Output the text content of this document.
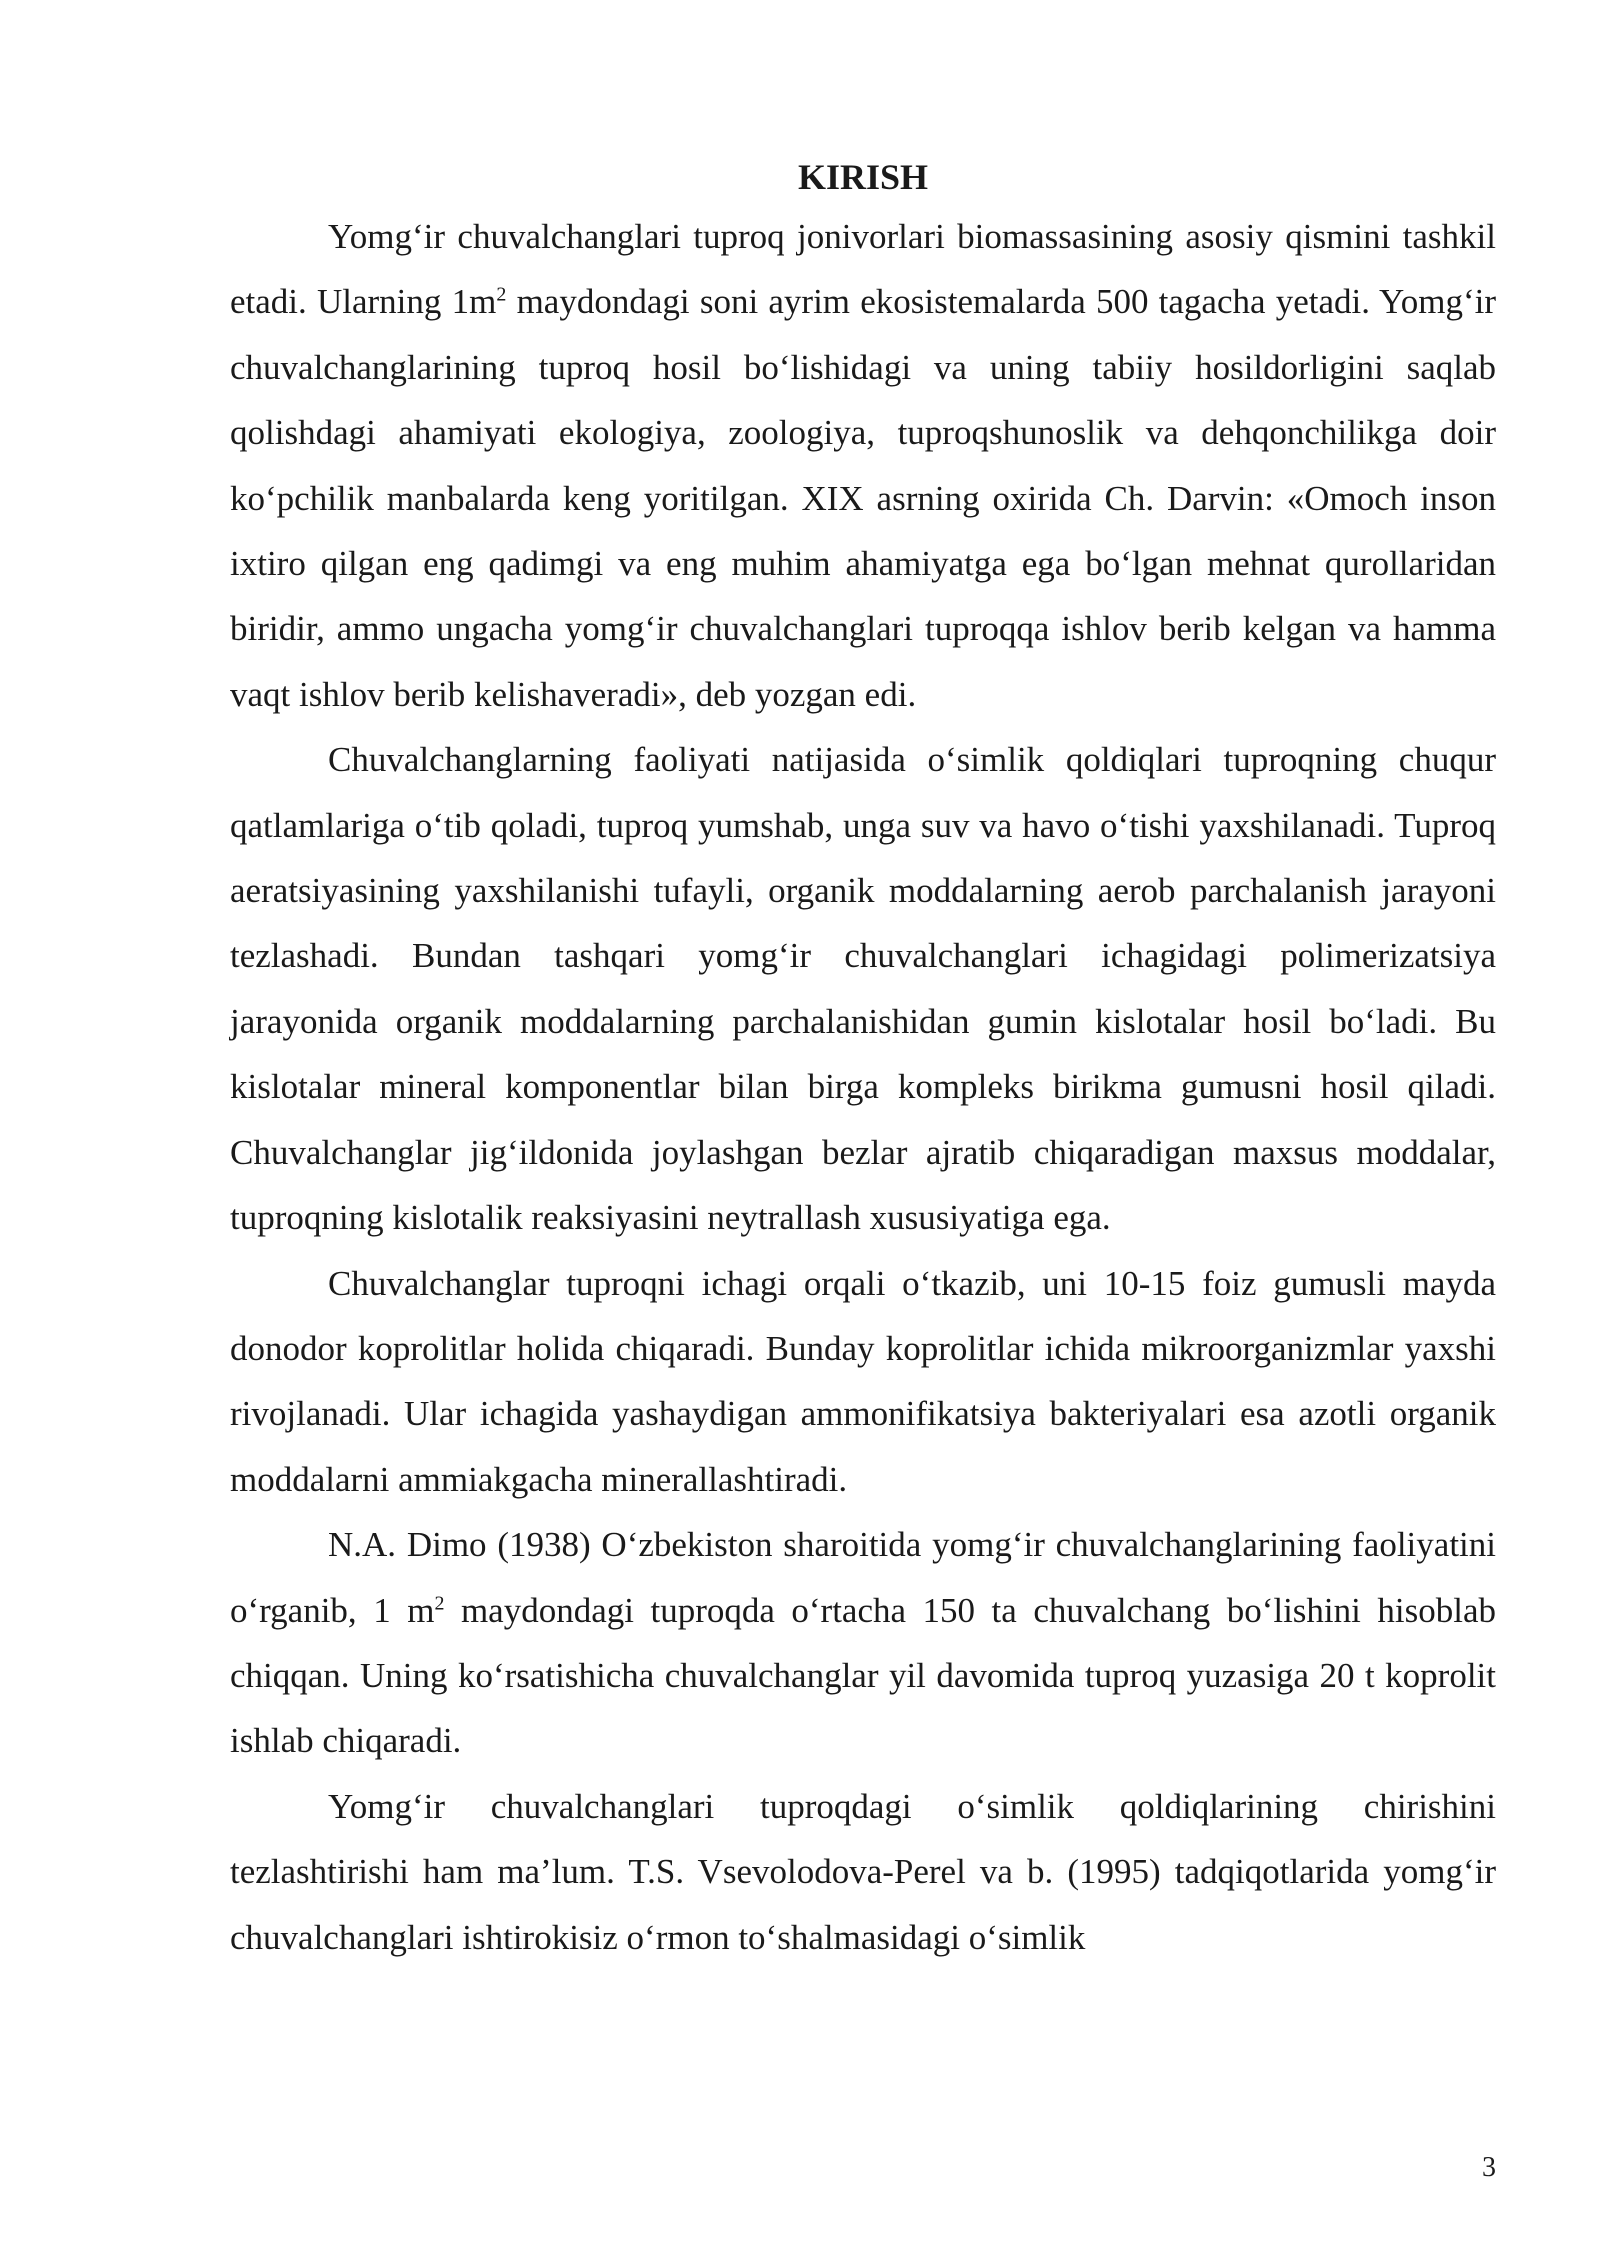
KIRISH

Yomg‘ir chuvalchanglari tuproq jonivorlari biomassasining asosiy qismini tashkil etadi. Ularning $1m^2$ maydondagi soni ayrim ekosistemalarda 500 tagacha yetadi. Yomg‘ir chuvalchanglarining tuproq hosil bo‘lishidagi va uning tabiiy hosildorligini saqlab qolishdagi ahamiyati ekologiya, zoologiya, tuproqshunoslik va dehqonchilikga doir ko‘pchilik manbalarda keng yoritilgan. XIX asrning oxirida Ch. Darvin: «Omoch inson ixtiro qilgan eng qadimgi va eng muhim ahamiyatga ega bo‘lgan mehnat qurollaridan biridir, ammo ungacha yomg‘ir chuvalchanglari tuproqqa ishlov berib kelgan va hamma vaqt ishlov berib kelishaveradi», deb yozgan edi.

Chuvalchanglarning faoliyati natijasida o‘simlik qoldiqlari tuproqning chuqur qatlamlariga o‘tib qoladi, tuproq yumshab, unga suv va havo o‘tishi yaxshilanadi. Tuproq aeratsiyasining yaxshilanishi tufayli, organik moddalarning aerob parchalanish jarayoni tezlashadi. Bundan tashqari yomg‘ir chuvalchanglari ichagidagi polimerizatsiya jarayonida organik moddalarning parchalanishidan gumin kislotalar hosil bo‘ladi. Bu kislotalar mineral komponentlar bilan birga kompleks birikma gumusni hosil qiladi. Chuvalchanglar jig‘ildonida joylashgan bezlar ajratib chiqaradigan maxsus moddalar, tuproqning kislotalik reaksiyasini neytrallash xususiyatiga ega.

Chuvalchanglar tuproqni ichagi orqali o‘tkazib, uni 10-15 foiz gumusli mayda donodor koprolitlar holida chiqaradi. Bunday koprolitlar ichida mikroorganizmlar yaxshi rivojlanadi. Ular ichagida yashaydigan ammonifikatsiya bakteriyalari esa azotli organik moddalarni ammiakgacha minerallashtiradi.

N.A. Dimo (1938) O‘zbekiston sharoitida yomg‘ir chuvalchanglarining faoliyatini o‘rganib, 1 $m^2$ maydondagi tuproqda o‘rtacha 150 ta chuvalchang bo‘lishini hisoblab chiqqan. Uning ko‘rsatishicha chuvalchanglar yil davomida tuproq yuzasiga 20 t koprolit ishlab chiqaradi.

Yomg‘ir chuvalchanglari tuproqdagi o‘simlik qoldiqlarining chirishini tezlashtirishi ham ma’lum. T.S. Vsevolodova-Perel va b. (1995) tadqiqotlarida yomg‘ir chuvalchanglari ishtirokisiz o‘rmon to‘shalmasidagi o‘simlik

3
